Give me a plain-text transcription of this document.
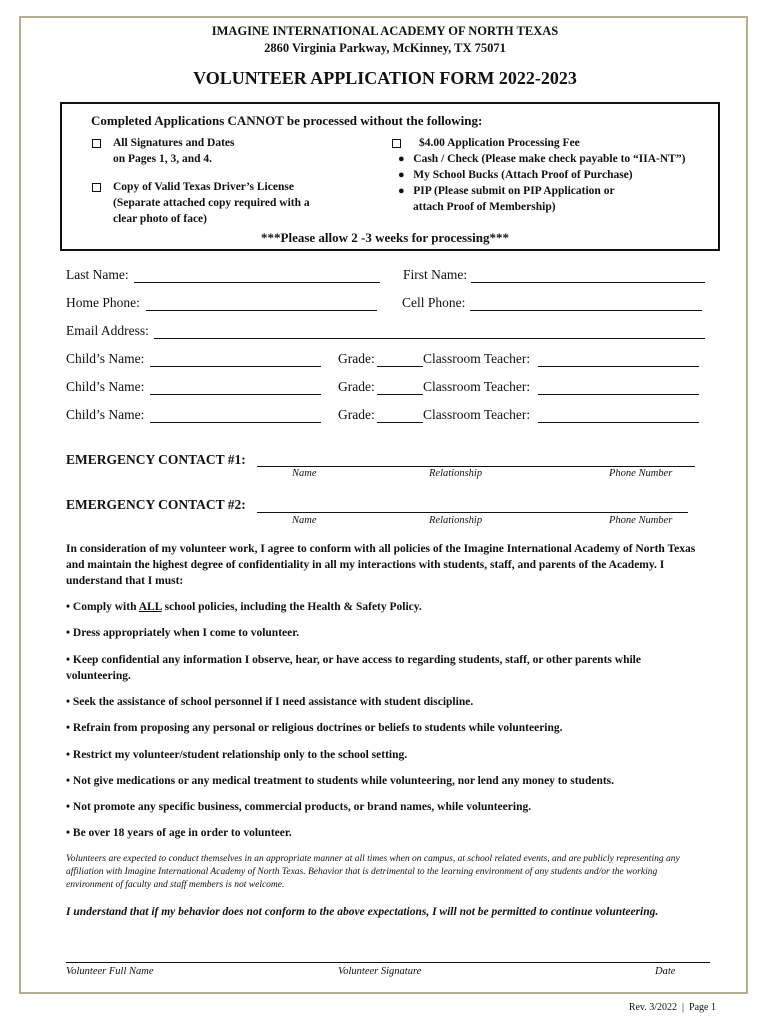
IMAGINE INTERNATIONAL ACADEMY OF NORTH TEXAS
2860 Virginia Parkway, McKinney, TX 75071
VOLUNTEER APPLICATION FORM 2022-2023
Completed Applications CANNOT be processed without the following:
All Signatures and Dates
on Pages 1, 3, and 4.
Copy of Valid Texas Driver’s License
(Separate attached copy required with a
clear photo of face)
$4.00 Application Processing Fee
● Cash / Check (Please make check payable to “IIA-NT”)
● My School Bucks (Attach Proof of Purchase)
● PIP (Please submit on PIP Application or
attach Proof of Membership)
***Please allow 2 -3 weeks for processing***
Last Name:	First Name:
Home Phone:	Cell Phone:
Email Address:
Child’s Name:	Grade:	Classroom Teacher:
Child’s Name:	Grade:	Classroom Teacher:
Child’s Name:	Grade:	Classroom Teacher:
EMERGENCY CONTACT #1:
Name	Relationship	Phone Number
EMERGENCY CONTACT #2:
Name	Relationship	Phone Number
In consideration of my volunteer work, I agree to conform with all policies of the Imagine International Academy of North Texas and maintain the highest degree of confidentiality in all my interactions with students, staff, and parents of the Academy. I understand that I must:
• Comply with ALL school policies, including the Health & Safety Policy.
• Dress appropriately when I come to volunteer.
• Keep confidential any information I observe, hear, or have access to regarding students, staff, or other parents while volunteering.
• Seek the assistance of school personnel if I need assistance with student discipline.
• Refrain from proposing any personal or religious doctrines or beliefs to students while volunteering.
• Restrict my volunteer/student relationship only to the school setting.
• Not give medications or any medical treatment to students while volunteering, nor lend any money to students.
• Not promote any specific business, commercial products, or brand names, while volunteering.
• Be over 18 years of age in order to volunteer.
Volunteers are expected to conduct themselves in an appropriate manner at all times when on campus, at school related events, and are publicly representing any affiliation with Imagine International Academy of North Texas. Behavior that is detrimental to the learning environment of any students and/or the working environment of faculty and staff members is not welcome.
I understand that if my behavior does not conform to the above expectations, I will not be permitted to continue volunteering.
Volunteer Full Name	Volunteer Signature	Date
Rev. 3/2022  |  Page 1
